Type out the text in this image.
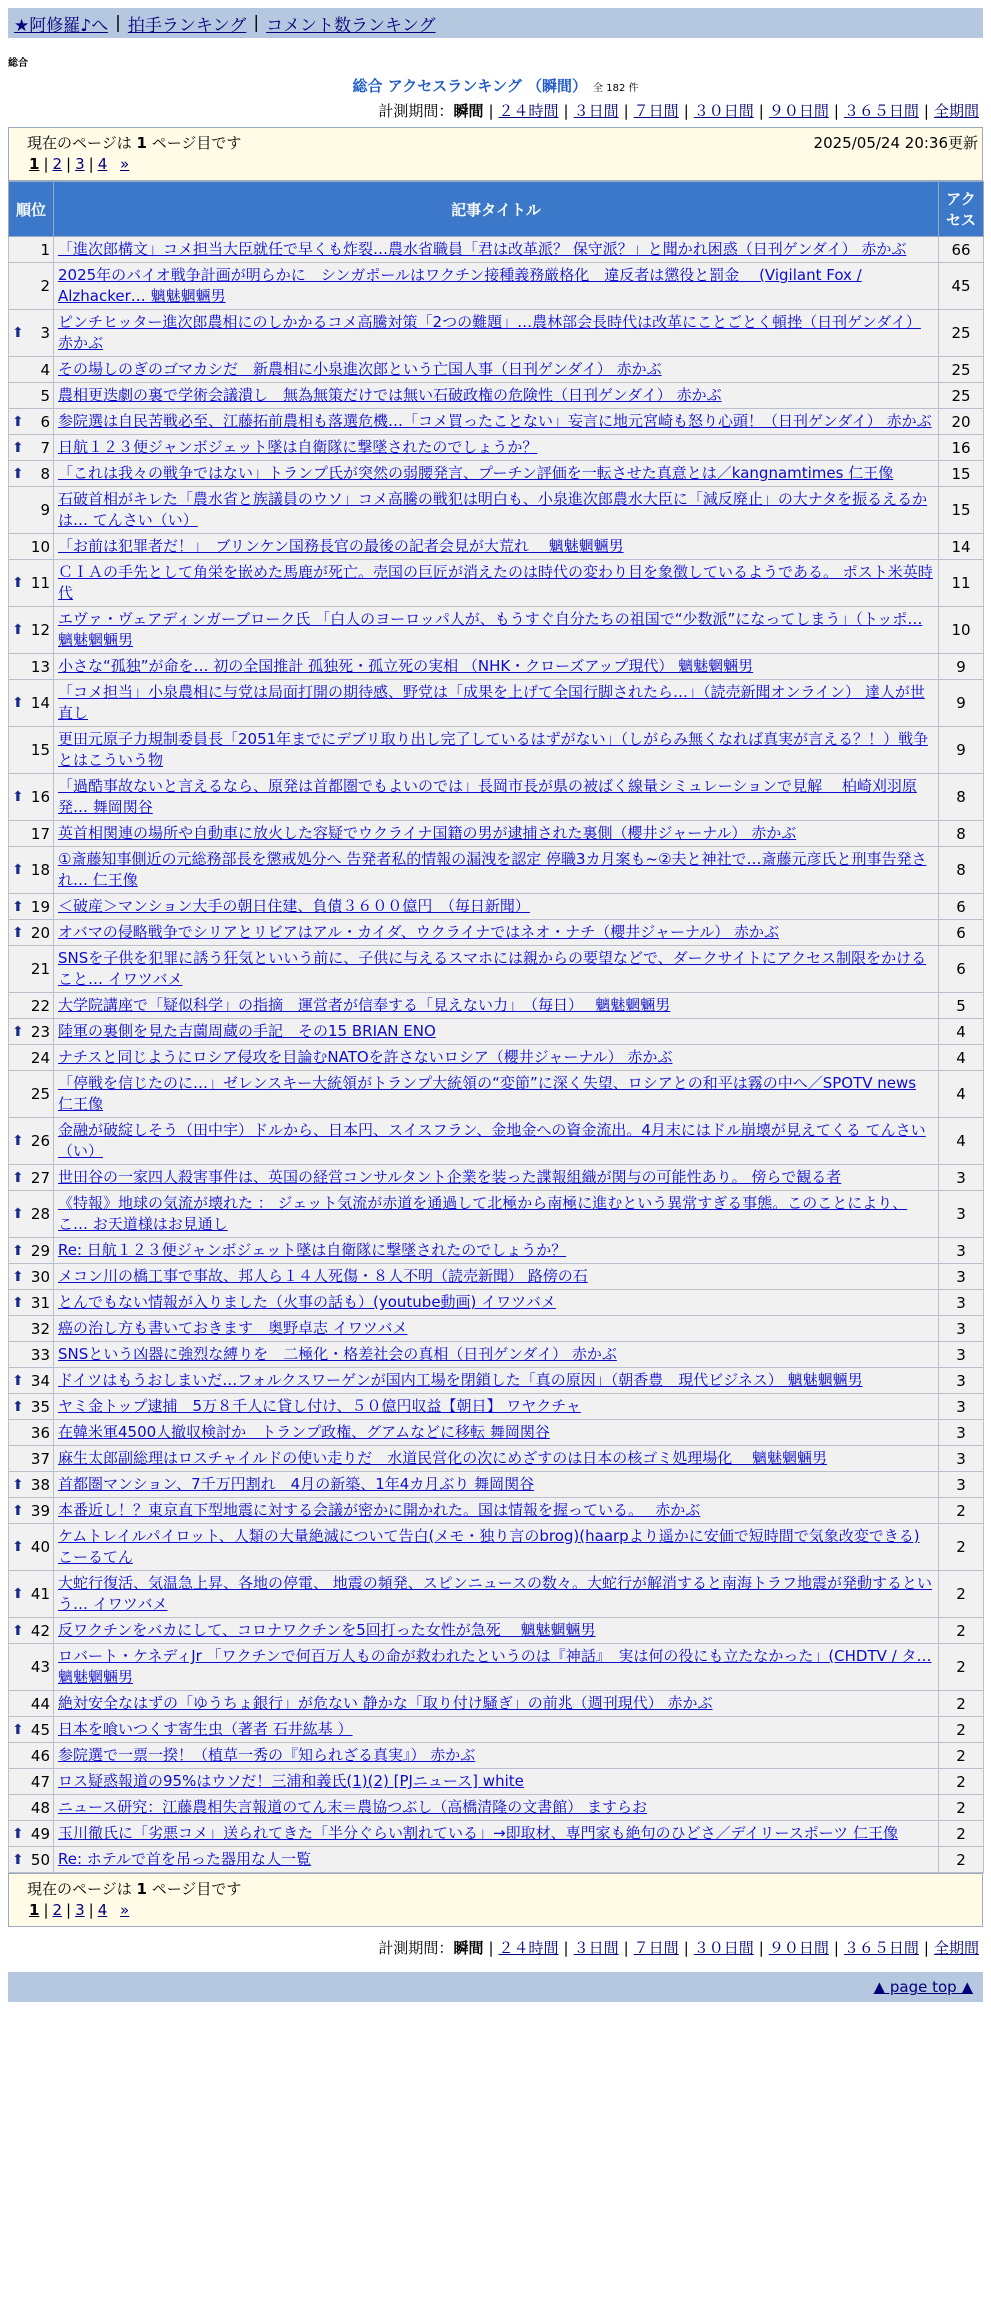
★阿修羅♪へ | 拍手ランキング | コメント数ランキング
総合
総合 アクセスランキング （瞬間） 全 182 件
計測期間：瞬間 | ２４時間 | ３日間 | ７日間 | ３０日間 | ９０日間 | ３６５日間 | 全期間
現在のページは 1 ページ目です	2025/05/24 20:36更新
1 | 2 | 3 | 4 »
順位	記事タイトル	アクセス
1	「進次郎構文」コメ担当大臣就任で早くも炸裂…農水省職員「君は改革派？ 保守派？」と聞かれ困惑（日刊ゲンダイ） 赤かぶ	66
2	2025年のバイオ戦争計画が明らかに　シンガポールはワクチン接種義務厳格化　違反者は懲役と罰金　 (Vigilant Fox / Alzhacker… 魑魅魍魎男	45

⬆ 3	ピンチヒッター進次郎農相にのしかかるコメ高騰対策「2つの難題」…農林部会長時代は改革にことごとく頓挫（日刊ゲンダイ） 赤かぶ	25
4	その場しのぎのゴマカシだ　新農相に小泉進次郎という亡国人事（日刊ゲンダイ） 赤かぶ	25
5	農相更迭劇の裏で学術会議潰し　無為無策だけでは無い石破政権の危険性（日刊ゲンダイ） 赤かぶ	25

⬆ 6	参院選は自民苦戦必至、江藤拓前農相も落選危機…「コメ買ったことない」妄言に地元宮崎も怒り心頭！（日刊ゲンダイ） 赤かぶ	20

⬆ 7	日航１２３便ジャンボジェット墜は自衛隊に撃墜されたのでしょうか？	16

⬆ 8	「これは我々の戦争ではない」トランプ氏が突然の弱腰発言、プーチン評価を一転させた真意とは／kangnamtimes 仁王像	15
9	石破首相がキレた「農水省と族議員のウソ」コメ高騰の戦犯は明白も、小泉進次郎農水大臣に「減反廃止」の大ナタを振るえるかは… てんさい（い）	15
10	「お前は犯罪者だ！」　ブリンケン国務長官の最後の記者会見が大荒れ　 魑魅魍魎男	14

⬆ 11	ＣＩＡの手先として角栄を嵌めた馬鹿が死亡。売国の巨匠が消えたのは時代の変わり目を象徴しているようである。 ポスト米英時代	11

⬆ 12	エヴァ・ヴェアディンガーブローク氏 「白人のヨーロッパ人が、もうすぐ自分たちの祖国で“少数派”になってしまう」（トッポ… 魑魅魍魎男	10
13	小さな“孤独”が命を… 初の全国推計 孤独死・孤立死の実相 （NHK・クローズアップ現代） 魑魅魍魎男	9

⬆ 14	「コメ担当」小泉農相に与党は局面打開の期待感、野党は「成果を上げて全国行脚されたら…」（読売新聞オンライン） 達人が世直し	9
15	更田元原子力規制委員長「2051年までにデブリ取り出し完了しているはずがない」（しがらみ無くなれば真実が言える？！）戦争とはこういう物	9

⬆ 16	「過酷事故ないと言えるなら、原発は首都圏でもよいのでは」長岡市長が県の被ばく線量シミュレーションで見解　 柏崎刈羽原発… 舞岡関谷	8
17	英首相関連の場所や自動車に放火した容疑でウクライナ国籍の男が逮捕された裏側（櫻井ジャーナル） 赤かぶ	8

⬆ 18	①斎藤知事側近の元総務部長を懲戒処分へ 告発者私的情報の漏洩を認定 停職3カ月案も~②夫と神社で…斎藤元彦氏と刑事告発され… 仁王像	8

⬆ 19	＜破産＞マンション大手の朝日住建、負債３６００億円　（毎日新聞）	6

⬆ 20	オバマの侵略戦争でシリアとリビアはアル・カイダ、ウクライナではネオ・ナチ（櫻井ジャーナル） 赤かぶ	6
21	SNSを子供を犯罪に誘う狂気といいう前に、子供に与えるスマホには親からの要望などで、ダークサイトにアクセス制限をかけること… イワツバメ	6
22	大学院講座で「疑似科学」の指摘　運営者が信奉する「見えない力」　（毎日）　 魑魅魍魎男	5

⬆ 23	陸軍の裏側を見た吉薗周蔵の手記　その15 BRIAN ENO	4
24	ナチスと同じようにロシア侵攻を目論むNATOを許さないロシア（櫻井ジャーナル） 赤かぶ	4
25	「停戦を信じたのに…」ゼレンスキー大統領がトランプ大統領の“変節”に深く失望、ロシアとの和平は霧の中へ／SPOTV news 仁王像	4

⬆ 26	金融が破綻しそう（田中宇）ドルから、日本円、スイスフラン、金地金への資金流出。4月末にはドル崩壊が見えてくる てんさい（い）	4

⬆ 27	世田谷の一家四人殺害事件は、英国の経営コンサルタント企業を装った諜報組織が関与の可能性あり。 傍らで観る者	3

⬆ 28	《特報》地球の気流が壊れた ： ジェット気流が赤道を通過して北極から南極に進むという異常すぎる事態。このことにより、こ… お天道様はお見通し	3

⬆ 29	Re: 日航１２３便ジャンボジェット墜は自衛隊に撃墜されたのでしょうか？	3

⬆ 30	メコン川の橋工事で事故、邦人ら１４人死傷・８人不明（読売新聞） 路傍の石	3

⬆ 31	とんでもない情報が入りました（火事の話も）(youtube動画) イワツバメ	3
32	癌の治し方も書いておきます　奥野卓志 イワツバメ	3
33	SNSという凶器に強烈な縛りを　二極化・格差社会の真相（日刊ゲンダイ） 赤かぶ	3

⬆ 34	ドイツはもうおしまいだ…フォルクスワーゲンが国内工場を閉鎖した「真の原因」（朝香豊　現代ビジネス） 魑魅魍魎男	3

⬆ 35	ヤミ金トップ逮捕　5万８千人に貸し付け、５０億円収益【朝日】 ワヤクチャ	3
36	在韓米軍4500人撤収検討か　トランプ政権、グアムなどに移転 舞岡関谷	3
37	麻生太郎副総理はロスチャイルドの使い走りだ　水道民営化の次にめざすのは日本の核ゴミ処理場化　 魑魅魍魎男	3

⬆ 38	首都圏マンション、7千万円割れ　4月の新築、1年4カ月ぶり 舞岡関谷	3

⬆ 39	本番近し！？東京直下型地震に対する会議が密かに開かれた。国は情報を握っている。　 赤かぶ	2

⬆ 40	ケムトレイルパイロット、人類の大量絶滅について告白(メモ・独り言のbrog)(haarpより遥かに安価で短時間で気象改変できる) こーるてん	2

⬆ 41	大蛇行復活、気温急上昇、各地の停電、 地震の頻発、スピンニュースの数々。大蛇行が解消すると南海トラフ地震が発動するという… イワツバメ	2

⬆ 42	反ワクチンをバカにして、コロナワクチンを5回打った女性が急死　 魑魅魍魎男	2
43	ロバート・ケネディJr 「ワクチンで何百万人もの命が救われたというのは『神話』　実は何の役にも立たなかった」(CHDTV / タ… 魑魅魍魎男	2
44	絶対安全なはずの「ゆうちょ銀行」が危ない 静かな「取り付け騒ぎ」の前兆（週刊現代） 赤かぶ	2

⬆ 45	日本を喰いつくす寄生虫（著者 石井紘基 ）	2
46	参院選で一票一揆！（植草一秀の『知られざる真実』） 赤かぶ	2
47	ロス疑惑報道の95%はウソだ！三浦和義氏(1)(2) [PJニュース] white	2
48	ニュース研究：江藤農相失言報道のてん末＝農協つぶし（高橋清隆の文書館） ますらお	2

⬆ 49	玉川徹氏に「劣悪コメ」送られてきた「半分ぐらい割れている」→即取材、専門家も絶句のひどさ／デイリースポーツ 仁王像	2

⬆ 50	Re: ホテルで首を吊った器用な人一覧	2
現在のページは 1 ページ目です
1 | 2 | 3 | 4 »
計測期間：瞬間 | ２４時間 | ３日間 | ７日間 | ３０日間 | ９０日間 | ３６５日間 | 全期間
▲ page top ▲
